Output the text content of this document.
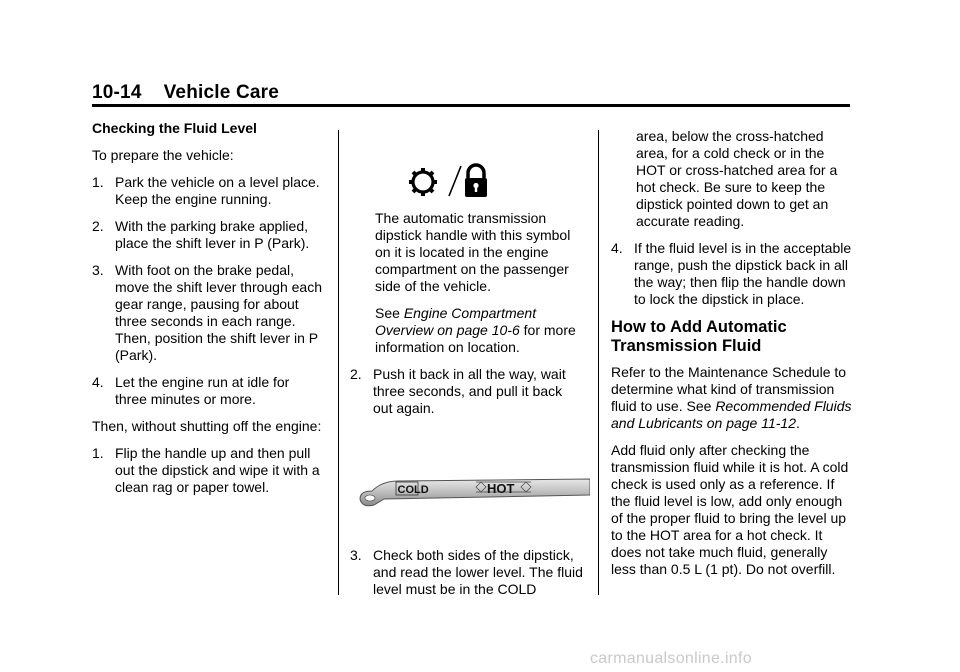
10-14 Vehicle Care

Checking the Fluid Level

To prepare the vehicle:

1. Park the vehicle on a level place. Keep the engine running.
2. With the parking brake applied, place the shift lever in P (Park).
3. With foot on the brake pedal, move the shift lever through each gear range, pausing for about three seconds in each range. Then, position the shift lever in P (Park).
4. Let the engine run at idle for three minutes or more.

Then, without shutting off the engine:

1. Flip the handle up and then pull out the dipstick and wipe it with a clean rag or paper towel.

The automatic transmission dipstick handle with this symbol on it is located in the engine compartment on the passenger side of the vehicle.

See Engine Compartment Overview on page 10-6 for more information on location.

2. Push it back in all the way, wait three seconds, and pull it back out again.
COLD	HOT
3. Check both sides of the dipstick, and read the lower level. The fluid level must be in the COLD
area, below the cross-hatched area, for a cold check or in the HOT or cross-hatched area for a hot check. Be sure to keep the dipstick pointed down to get an accurate reading.
4. If the fluid level is in the acceptable range, push the dipstick back in all the way; then flip the handle down to lock the dipstick in place.
How to Add Automatic Transmission Fluid

Refer to the Maintenance Schedule to determine what kind of transmission fluid to use. See Recommended Fluids and Lubricants on page 11-12.

Add fluid only after checking the transmission fluid while it is hot. A cold check is used only as a reference. If the fluid level is low, add only enough of the proper fluid to bring the level up to the HOT area for a hot check. It does not take much fluid, generally less than 0.5 L (1 pt). Do not overfill.

carmanualsonline.info
